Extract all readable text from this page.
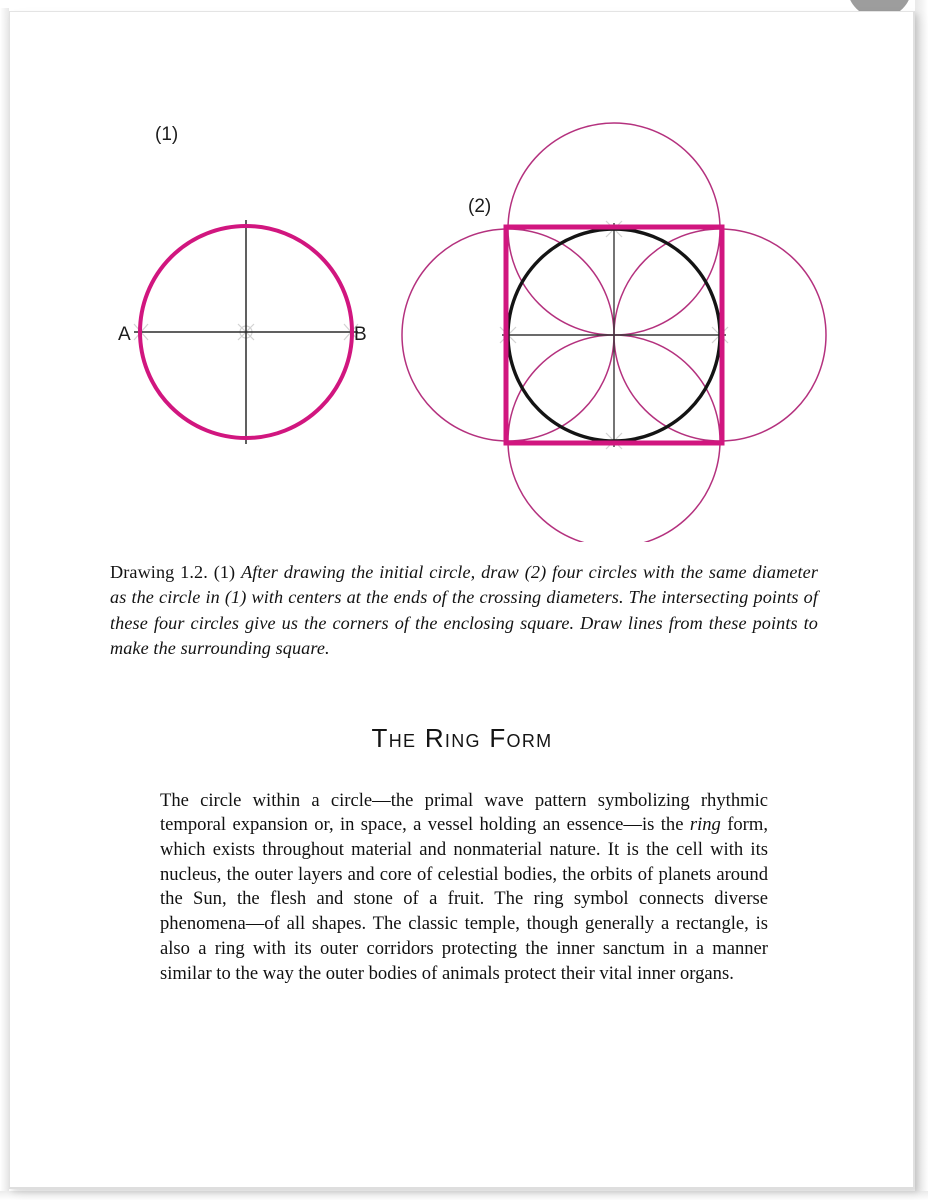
(1)
A	B
(2)
Drawing 1.2. (1) After drawing the initial circle, draw (2) four circles with the same diameter as the circle in (1) with centers at the ends of the crossing diameters. The intersecting points of these four circles give us the corners of the enclosing square. Draw lines from these points to make the surrounding square.
The Ring Form

The circle within a circle—the primal wave pattern symbolizing rhythmic temporal expansion or, in space, a vessel holding an essence—is the ring form, which exists throughout material and nonmaterial nature. It is the cell with its nucleus, the outer layers and core of celestial bodies, the orbits of planets around the Sun, the flesh and stone of a fruit. The ring symbol connects diverse phenomena—of all shapes. The classic temple, though generally a rectangle, is also a ring with its outer corridors protecting the inner sanctum in a manner similar to the way the outer bodies of animals protect their vital inner organs.
